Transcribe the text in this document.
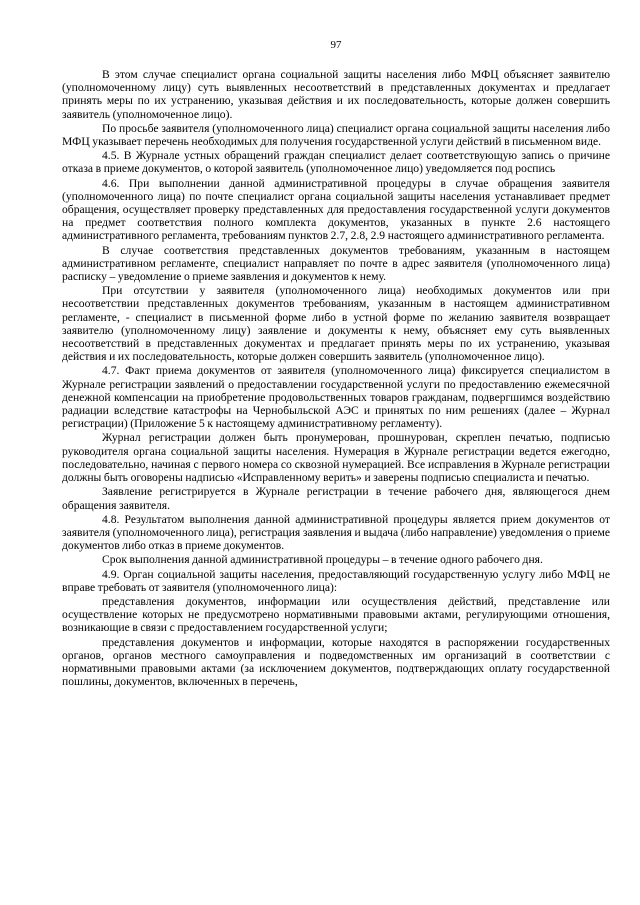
97

В этом случае специалист органа социальной защиты населения либо МФЦ объясняет заявителю (уполномоченному лицу) суть выявленных несоответствий в представленных документах и предлагает принять меры по их устранению, указывая действия и их последовательность, которые должен совершить заявитель (уполномоченное лицо).

По просьбе заявителя (уполномоченного лица) специалист органа социальной защиты населения либо МФЦ указывает перечень необходимых для получения государственной услуги действий в письменном виде.

4.5. В Журнале устных обращений граждан специалист делает соответствующую запись о причине отказа в приеме документов, о которой заявитель (уполномоченное лицо) уведомляется под роспись

4.6. При выполнении данной административной процедуры в случае обращения заявителя (уполномоченного лица) по почте специалист органа социальной защиты населения устанавливает предмет обращения, осуществляет проверку представленных для предоставления государственной услуги документов на предмет соответствия полного комплекта документов, указанных в пункте 2.6 настоящего административного регламента, требованиям пунктов 2.7, 2.8, 2.9 настоящего административного регламента.

В случае соответствия представленных документов требованиям, указанным в настоящем административном регламенте, специалист направляет по почте в адрес заявителя (уполномоченного лица) расписку – уведомление о приеме заявления и документов к нему.

При отсутствии у заявителя (уполномоченного лица) необходимых документов или при несоответствии представленных документов требованиям, указанным в настоящем административном регламенте, - специалист в письменной форме либо в устной форме по желанию заявителя возвращает заявителю (уполномоченному лицу) заявление и документы к нему, объясняет ему суть выявленных несоответствий в представленных документах и предлагает принять меры по их устранению, указывая действия и их последовательность, которые должен совершить заявитель (уполномоченное лицо).

4.7. Факт приема документов от заявителя (уполномоченного лица) фиксируется специалистом в Журнале регистрации заявлений о предоставлении государственной услуги по предоставлению ежемесячной денежной компенсации на приобретение продовольственных товаров гражданам, подвергшимся воздействию радиации вследствие катастрофы на Чернобыльской АЭС и принятых по ним решениях (далее – Журнал регистрации) (Приложение 5 к настоящему административному регламенту).

Журнал регистрации должен быть пронумерован, прошнурован, скреплен печатью, подписью руководителя органа социальной защиты населения. Нумерация в Журнале регистрации ведется ежегодно, последовательно, начиная с первого номера со сквозной нумерацией. Все исправления в Журнале регистрации должны быть оговорены надписью «Исправленному верить» и заверены подписью специалиста и печатью.

Заявление регистрируется в Журнале регистрации в течение рабочего дня, являющегося днем обращения заявителя.

4.8. Результатом выполнения данной административной процедуры является прием документов от заявителя (уполномоченного лица), регистрация заявления и выдача (либо направление) уведомления о приеме документов либо отказ в приеме документов.

Срок выполнения данной административной процедуры – в течение одного рабочего дня.

4.9. Орган социальной защиты населения, предоставляющий государственную услугу либо МФЦ не вправе требовать от заявителя (уполномоченного лица):

представления документов, информации или осуществления действий, представление или осуществление которых не предусмотрено нормативными правовыми актами, регулирующими отношения, возникающие в связи с предоставлением государственной услуги;

представления документов и информации, которые находятся в распоряжении государственных органов, органов местного самоуправления и подведомственных им организаций в соответствии с нормативными правовыми актами (за исключением документов, подтверждающих оплату государственной пошлины, документов, включенных в перечень,
